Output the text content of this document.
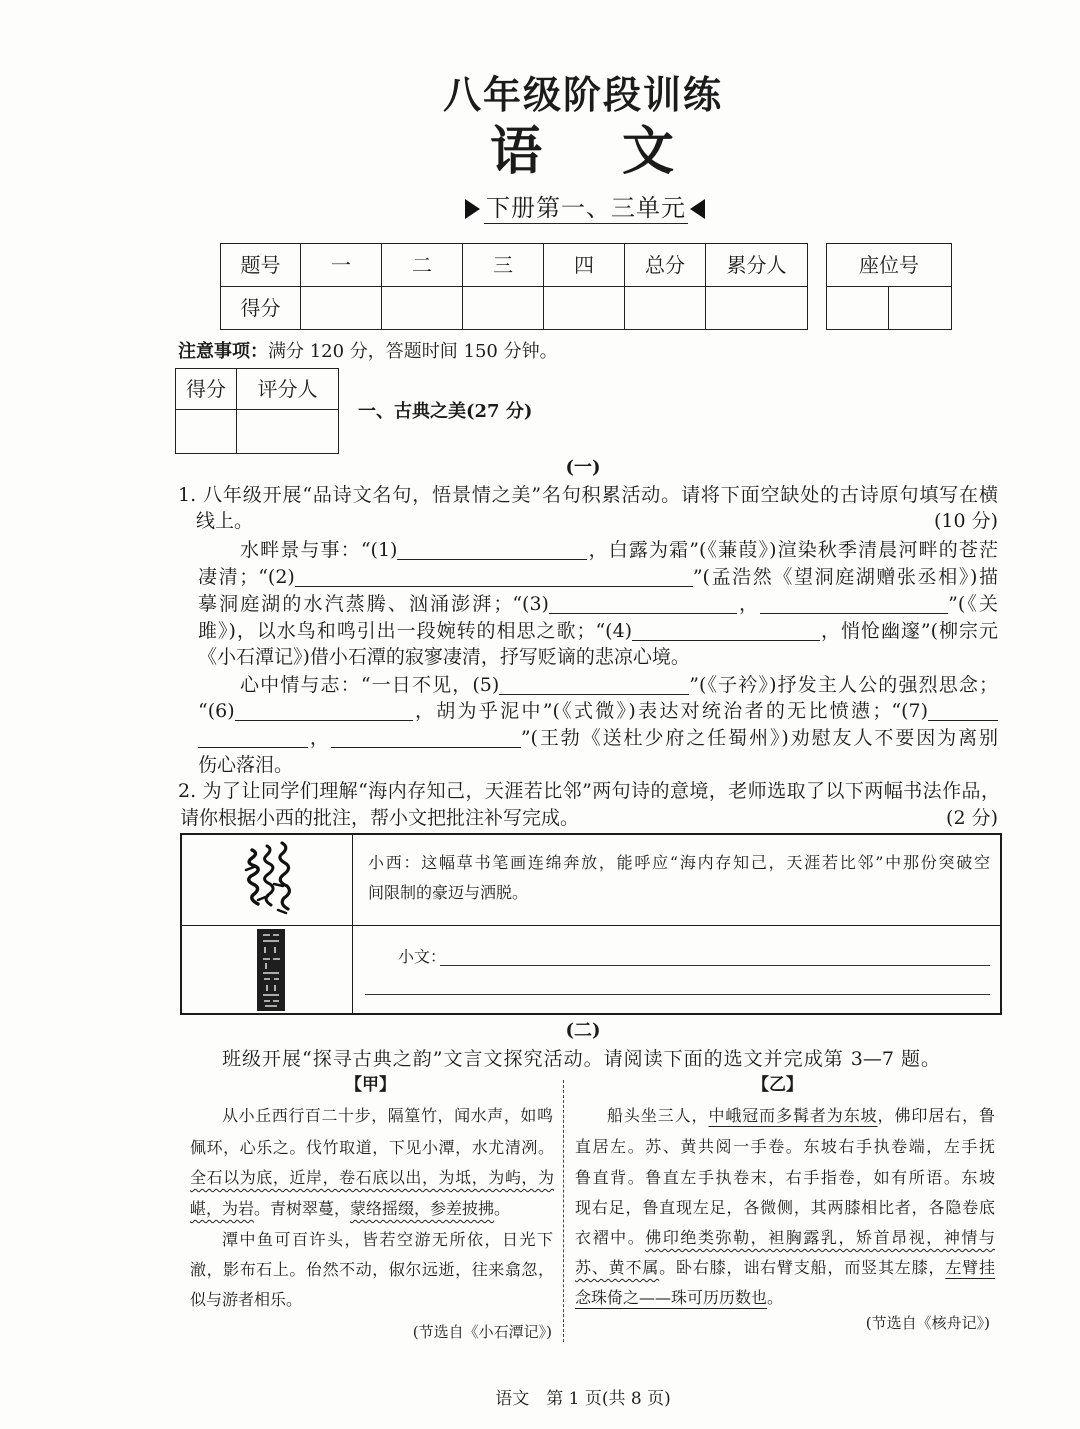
八年级阶段训练
语 文
下册第一、三单元
题号	一	二	三	四	总分	累分人
得分						
座位号

注意事项：满分 120 分，答题时间 150 分钟。
得分	评分人

一、古典之美(27 分)
(一)
1. 八年级开展“品诗文名句，悟景情之美”名句积累活动。请将下面空缺处的古诗原句填写在横
线上。	(10 分)
水畔景与事：“(1)	，白露为霜”(《蒹葭》)渲染秋季清晨河畔的苍茫
凄清；“(2)	”(孟浩然《望洞庭湖赠张丞相》)描
摹洞庭湖的水汽蒸腾、汹涌澎湃；“(3)	，	”(《关
雎》)，以水鸟和鸣引出一段婉转的相思之歌；“(4)	，悄怆幽邃”(柳宗元
《小石潭记》)借小石潭的寂寥凄清，抒写贬谪的悲凉心境。
心中情与志：“一日不见，(5)	”(《子衿》)抒发主人公的强烈思念；
“(6)	，胡为乎泥中”(《式微》)表达对统治者的无比愤懑；“(7)
，	”(王勃《送杜少府之任蜀州》)劝慰友人不要因为离别
伤心落泪。
2. 为了让同学们理解“海内存知己，天涯若比邻”两句诗的意境，老师选取了以下两幅书法作品，
请你根据小西的批注，帮小文把批注补写完成。	(2 分)
小西：这幅草书笔画连绵奔放，能呼应“海内存知己，天涯若比邻”中那份突破空
间限制的豪迈与洒脱。
小文：
(二)
班级开展“探寻古典之韵”文言文探究活动。请阅读下面的选文并完成第 3—7 题。
【甲】	【乙】
从小丘西行百二十步，隔篁竹，闻水声，如鸣
佩环，心乐之。伐竹取道，下见小潭，水尤清冽。
全石以为底，近岸，卷石底以出，为坻，为屿，为
嵁，为岩。青树翠蔓，蒙络摇缀，参差披拂。
潭中鱼可百许头，皆若空游无所依，日光下
澈，影布石上。佁然不动，俶尔远逝，往来翕忽，
似与游者相乐。
(节选自《小石潭记》)
船头坐三人，中峨冠而多髯者为东坡，佛印居右，鲁
直居左。苏、黄共阅一手卷。东坡右手执卷端，左手抚
鲁直背。鲁直左手执卷末，右手指卷，如有所语。东坡
现右足，鲁直现左足，各微侧，其两膝相比者，各隐卷底
衣褶中。佛印绝类弥勒，袒胸露乳，矫首昂视，神情与
苏、黄不属。卧右膝，诎右臂支船，而竖其左膝，左臂挂
念珠倚之——珠可历历数也。
(节选自《核舟记》)
语文　第 1 页(共 8 页)
